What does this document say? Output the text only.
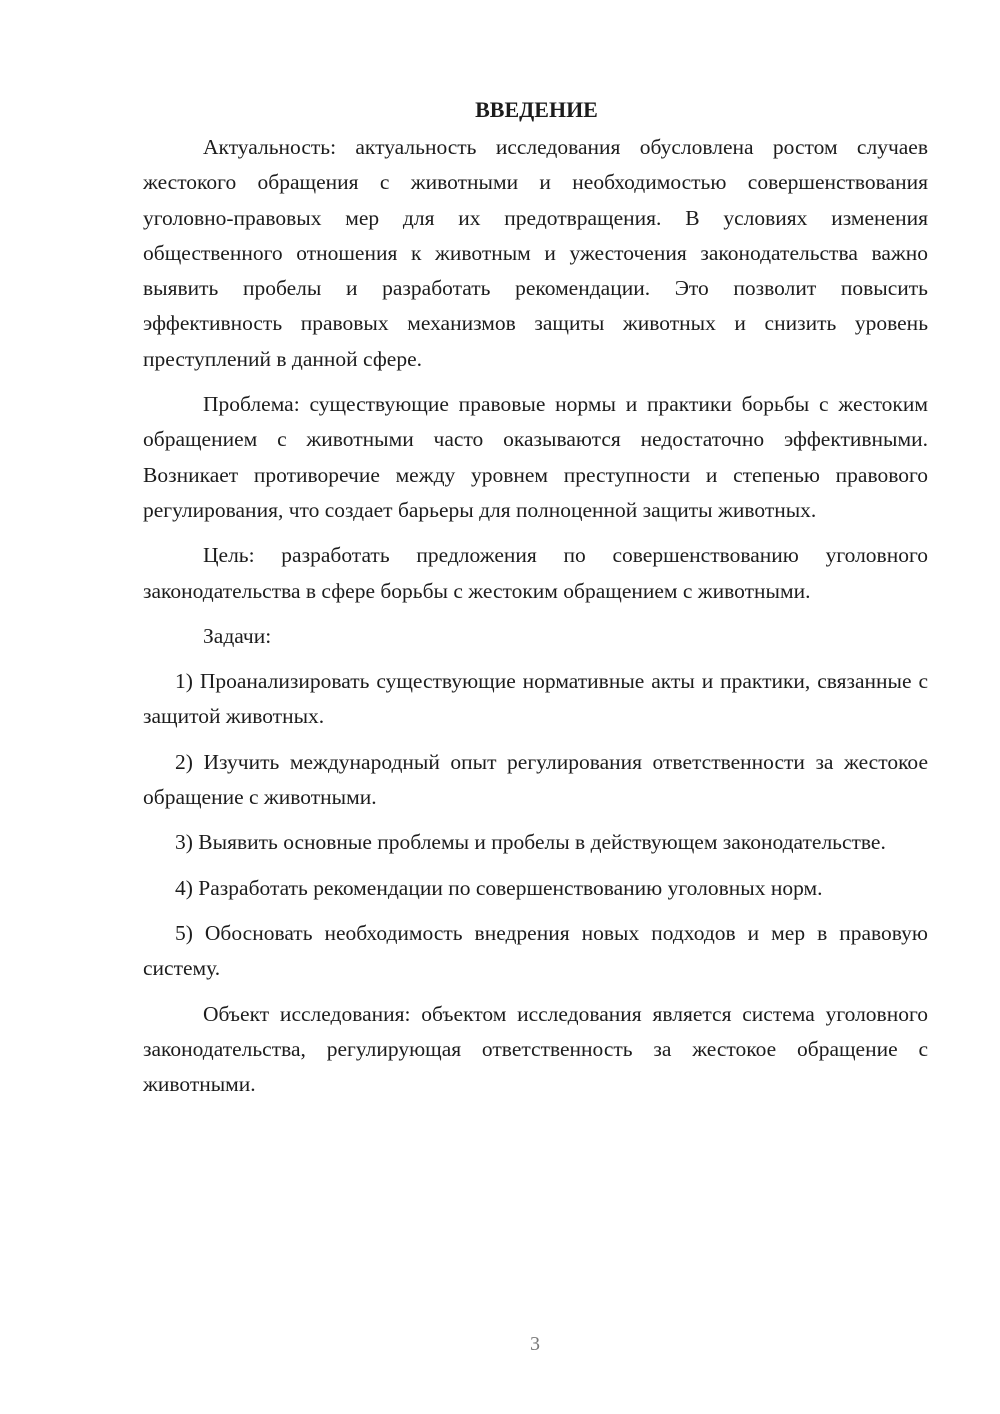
ВВЕДЕНИЕ

Актуальность: актуальность исследования обусловлена ростом случаев жестокого обращения с животными и необходимостью совершенствования уголовно-правовых мер для их предотвращения. В условиях изменения общественного отношения к животным и ужесточения законодательства важно выявить пробелы и разработать рекомендации. Это позволит повысить эффективность правовых механизмов защиты животных и снизить уровень преступлений в данной сфере.

Проблема: существующие правовые нормы и практики борьбы с жестоким обращением с животными часто оказываются недостаточно эффективными. Возникает противоречие между уровнем преступности и степенью правового регулирования, что создает барьеры для полноценной защиты животных.

Цель: разработать предложения по совершенствованию уголовного законодательства в сфере борьбы с жестоким обращением с животными.

Задачи:

1) Проанализировать существующие нормативные акты и практики, связанные с защитой животных.

2) Изучить международный опыт регулирования ответственности за жестокое обращение с животными.

3) Выявить основные проблемы и пробелы в действующем законодательстве.

4) Разработать рекомендации по совершенствованию уголовных норм.

5) Обосновать необходимость внедрения новых подходов и мер в правовую систему.

Объект исследования: объектом исследования является система уголовного законодательства, регулирующая ответственность за жестокое обращение с животными.

3
